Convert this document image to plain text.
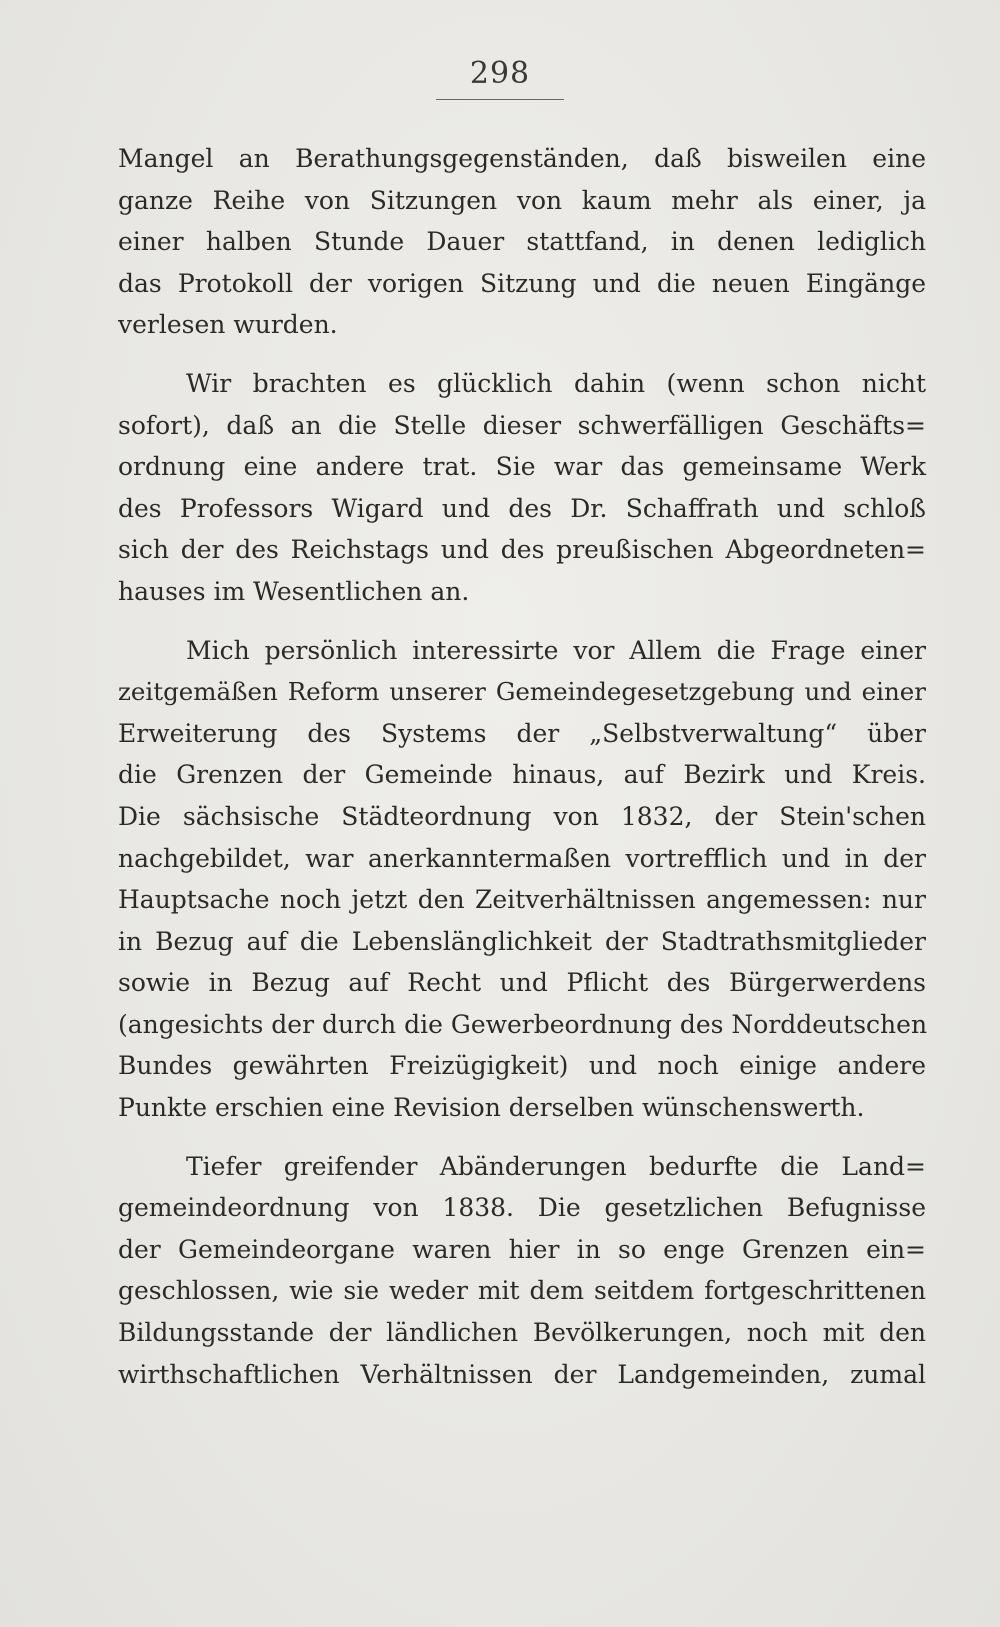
298
Mangel an Berathungsgegenständen, daß bisweilen eine
ganze Reihe von Sitzungen von kaum mehr als einer, ja
einer halben Stunde Dauer stattfand, in denen lediglich
das Protokoll der vorigen Sitzung und die neuen Eingänge
verlesen wurden.
Wir brachten es glücklich dahin (wenn schon nicht
sofort), daß an die Stelle dieser schwerfälligen Geschäfts=
ordnung eine andere trat. Sie war das gemeinsame Werk
des Professors Wigard und des Dr. Schaffrath und schloß
sich der des Reichstags und des preußischen Abgeordneten=
hauses im Wesentlichen an.
Mich persönlich interessirte vor Allem die Frage einer
zeitgemäßen Reform unserer Gemeindegesetzgebung und einer
Erweiterung des Systems der „Selbstverwaltung“ über
die Grenzen der Gemeinde hinaus, auf Bezirk und Kreis.
Die sächsische Städteordnung von 1832, der Stein'schen
nachgebildet, war anerkanntermaßen vortrefflich und in der
Hauptsache noch jetzt den Zeitverhältnissen angemessen: nur
in Bezug auf die Lebenslänglichkeit der Stadtrathsmitglieder
sowie in Bezug auf Recht und Pflicht des Bürgerwerdens
(angesichts der durch die Gewerbeordnung des Norddeutschen
Bundes gewährten Freizügigkeit) und noch einige andere
Punkte erschien eine Revision derselben wünschenswerth.
Tiefer greifender Abänderungen bedurfte die Land=
gemeindeordnung von 1838. Die gesetzlichen Befugnisse
der Gemeindeorgane waren hier in so enge Grenzen ein=
geschlossen, wie sie weder mit dem seitdem fortgeschrittenen
Bildungsstande der ländlichen Bevölkerungen, noch mit den
wirthschaftlichen Verhältnissen der Landgemeinden, zumal
